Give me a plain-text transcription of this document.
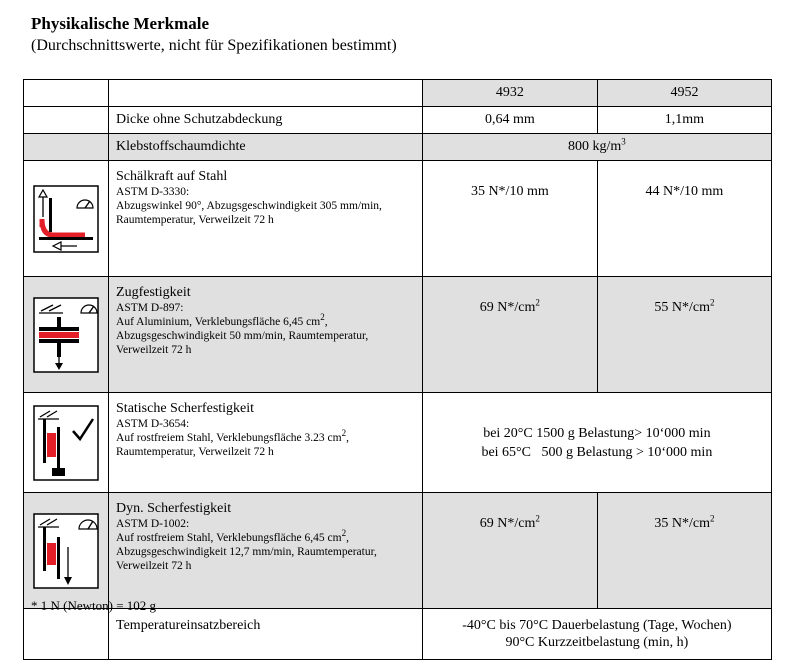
Physikalische Merkmale
(Durchschnittswerte, nicht für Spezifikationen bestimmt)
		4932	4952
	Dicke ohne Schutzabdeckung	0,64 mm	1,1mm
	Klebstoffschaumdichte	800 $kg/m^3$

Schälkraft auf Stahl
ASTM D-3330:
Abzugswinkel 90°, Abzugsgeschwindigkeit 305 mm/min,
Raumtemperatur, Verweilzeit 72 h	35 N*/10 mm	44 N*/10 mm

Zugfestigkeit
ASTM D-897:
Auf Aluminium, Verklebungsfläche 6,45 $cm^2$,
Abzugsgeschwindigkeit 50 mm/min, Raumtemperatur,
Verweilzeit 72 h	69 $N*/cm^2$	55 $N*/cm^2$

Statische Scherfestigkeit
ASTM D-3654:
Auf rostfreiem Stahl, Verklebungsfläche 3.23 $cm^2$,
Raumtemperatur, Verweilzeit 72 h	bei 20°C 1500 g Belastung> 10‘000 min
bei 65°C   500 g Belastung > 10‘000 min	

Dyn. Scherfestigkeit
ASTM D-1002:
Auf rostfreiem Stahl, Verklebungsfläche 6,45 $cm^2$,
Abzugsgeschwindigkeit 12,7 mm/min, Raumtemperatur,
Verweilzeit 72 h	69 $N*/cm^2$	35 $N*/cm^2$
	Temperatureinsatzbereich	-40°C bis 70°C Dauerbelastung (Tage, Wochen)
90°C Kurzzeitbelastung (min, h)	
* 1 N (Newton) = 102 g
